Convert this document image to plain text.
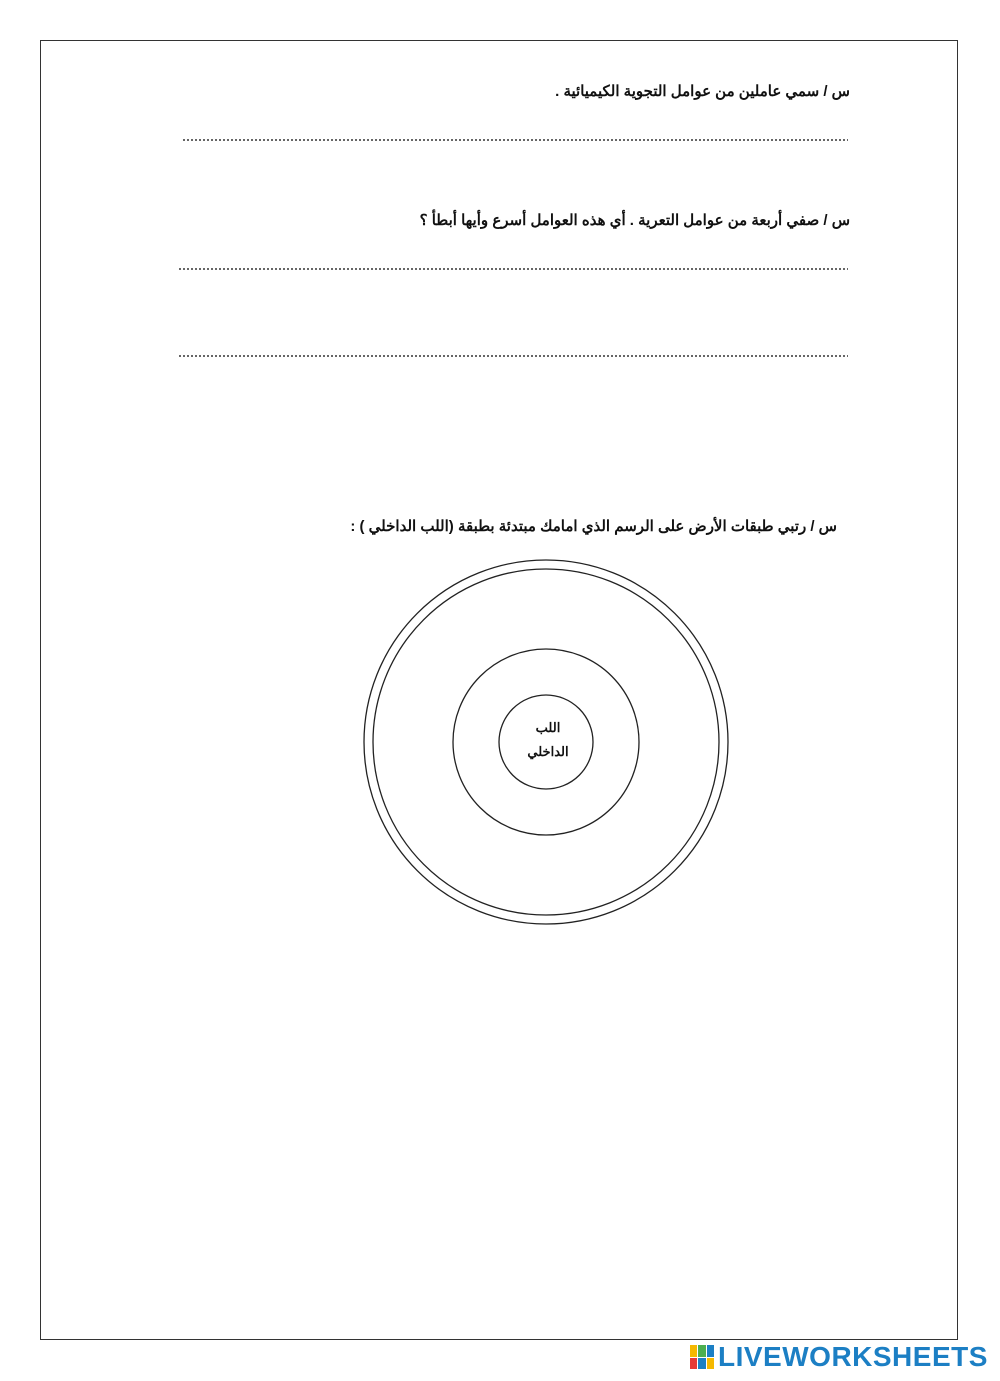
س / سمي عاملين من عوامل التجوية الكيميائية .
س / صفي أربعة من عوامل التعرية . أي هذه العوامل أسرع وأيها أبطأ ؟
س / رتبي طبقات الأرض على الرسم الذي امامك مبتدئة بطبقة (اللب الداخلي ) :
اللب
الداخلي
LIVEWORKSHEETS
